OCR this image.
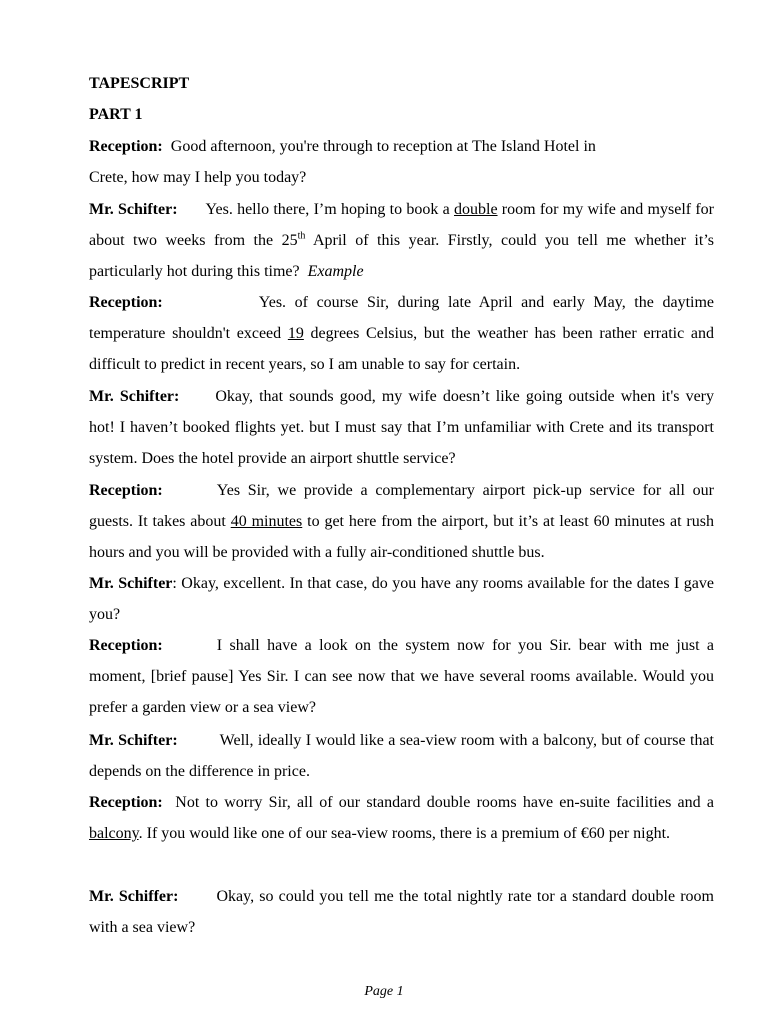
TAPESCRIPT
PART 1

Reception: Good afternoon, you're through to reception at The Island Hotel in
Crete, how may I help you today?

Mr. Schifter: Yes. hello there, I’m hoping to book a double room for my wife and myself for about two weeks from the 25th April of this year. Firstly, could you tell me whether it’s particularly hot during this time? Example

Reception:	Yes. of course Sir, during late April and early May, the daytime temperature shouldn't exceed 19 degrees Celsius, but the weather has been rather erratic and difficult to predict in recent years, so I am unable to say for certain.

Mr. Schifter: Okay, that sounds good, my wife doesn’t like going outside when it's very hot! I haven’t booked flights yet. but I must say that I’m unfamiliar with Crete and its transport system. Does the hotel provide an airport shuttle service?

Reception:	Yes Sir, we provide a complementary airport pick-up service for all our guests. It takes about 40 minutes to get here from the airport, but it’s at least 60 minutes at rush hours and you will be provided with a fully air-conditioned shuttle bus.

Mr. Schifter: Okay, excellent. In that case, do you have any rooms available for the dates I gave you?

Reception:	I shall have a look on the system now for you Sir. bear with me just a moment, [brief pause] Yes Sir. I can see now that we have several rooms available. Would you prefer a garden view or a sea view?

Mr. Schifter:	Well, ideally I would like a sea-view room with a balcony, but of course that depends on the difference in price.

Reception: Not to worry Sir, all of our standard double rooms have en-suite facilities and a balcony. If you would like one of our sea-view rooms, there is a premium of €60 per night.

Mr. Schiffer: Okay, so could you tell me the total nightly rate tor a standard double room with a sea view?

Page 1
